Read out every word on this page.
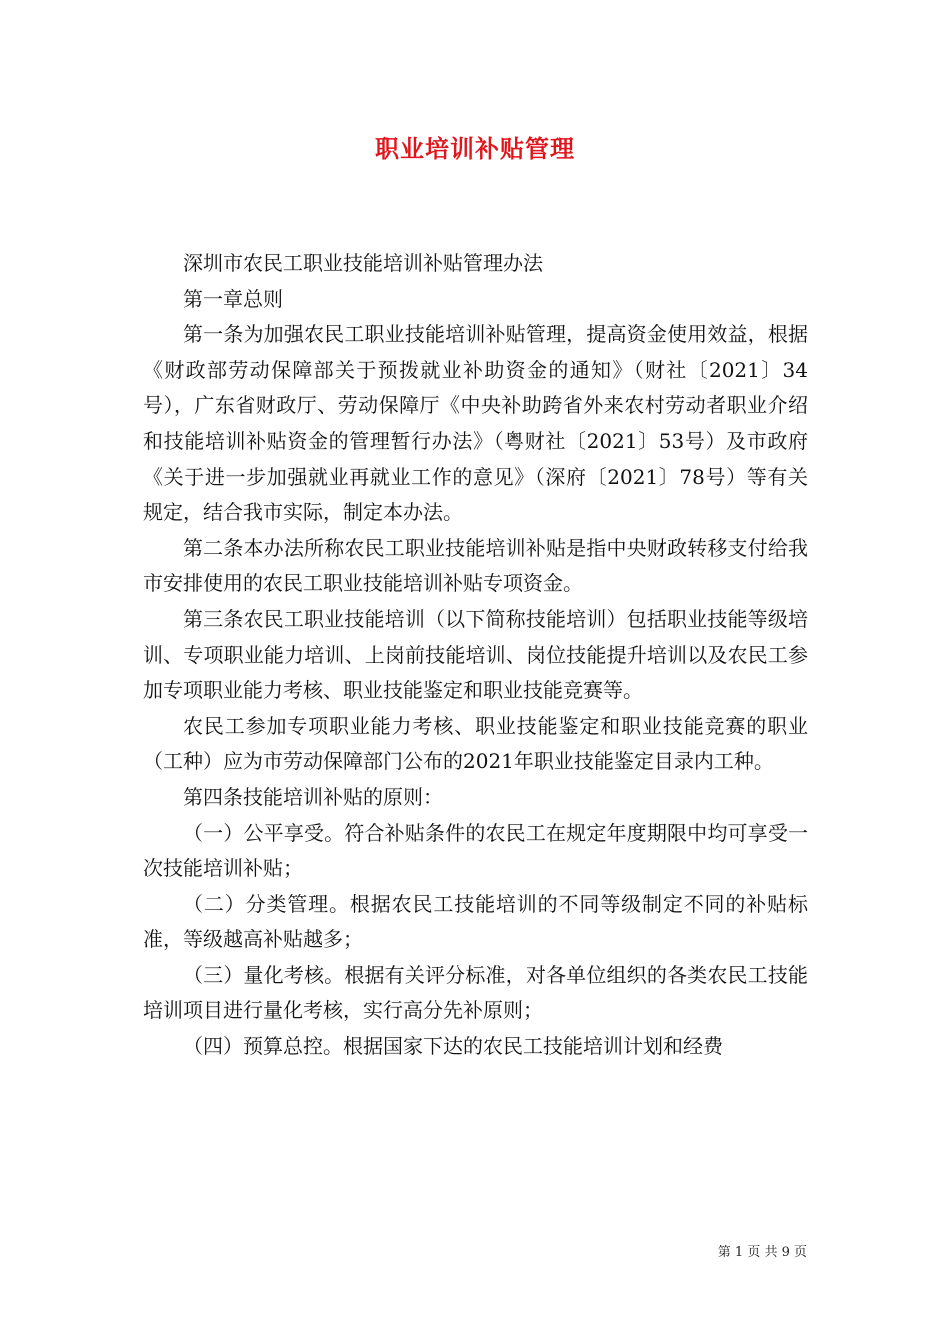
职业培训补贴管理

深圳市农民工职业技能培训补贴管理办法

第一章总则

第一条为加强农民工职业技能培训补贴管理，提高资金使用效益，根据《财政部劳动保障部关于预拨就业补助资金的通知》（财社〔2021〕34号），广东省财政厅、劳动保障厅《中央补助跨省外来农村劳动者职业介绍和技能培训补贴资金的管理暂行办法》（粤财社〔2021〕53号）及市政府《关于进一步加强就业再就业工作的意见》（深府〔2021〕78号）等有关规定，结合我市实际，制定本办法。

第二条本办法所称农民工职业技能培训补贴是指中央财政转移支付给我市安排使用的农民工职业技能培训补贴专项资金。

第三条农民工职业技能培训（以下简称技能培训）包括职业技能等级培训、专项职业能力培训、上岗前技能培训、岗位技能提升培训以及农民工参加专项职业能力考核、职业技能鉴定和职业技能竞赛等。

农民工参加专项职业能力考核、职业技能鉴定和职业技能竞赛的职业（工种）应为市劳动保障部门公布的2021年职业技能鉴定目录内工种。

第四条技能培训补贴的原则：

（一）公平享受。符合补贴条件的农民工在规定年度期限中均可享受一次技能培训补贴；

（二）分类管理。根据农民工技能培训的不同等级制定不同的补贴标准，等级越高补贴越多；

（三）量化考核。根据有关评分标准，对各单位组织的各类农民工技能培训项目进行量化考核，实行高分先补原则；

（四）预算总控。根据国家下达的农民工技能培训计划和经费

第 1 页 共 9 页
